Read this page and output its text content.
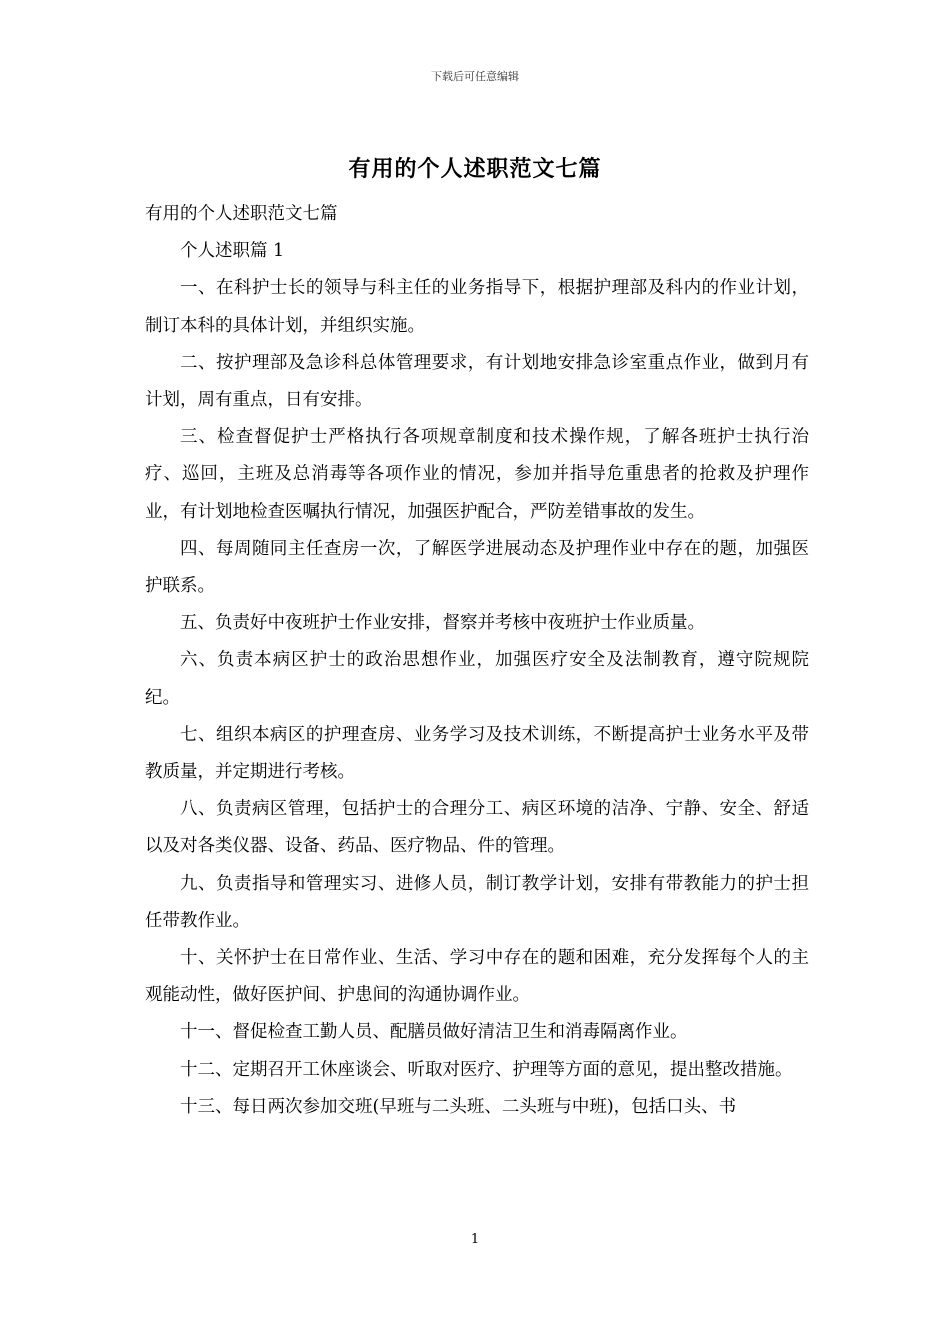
下载后可任意编辑
有用的个人述职范文七篇

有用的个人述职范文七篇

个人述职篇 1

一、在科护士长的领导与科主任的业务指导下，根据护理部及科内的作业计划，制订本科的具体计划，并组织实施。

二、按护理部及急诊科总体管理要求，有计划地安排急诊室重点作业，做到月有计划，周有重点，日有安排。

三、检查督促护士严格执行各项规章制度和技术操作规，了解各班护士执行治疗、巡回，主班及总消毒等各项作业的情况，参加并指导危重患者的抢救及护理作业，有计划地检查医嘱执行情况，加强医护配合，严防差错事故的发生。

四、每周随同主任查房一次，了解医学进展动态及护理作业中存在的题，加强医护联系。

五、负责好中夜班护士作业安排，督察并考核中夜班护士作业质量。

六、负责本病区护士的政治思想作业，加强医疗安全及法制教育，遵守院规院纪。

七、组织本病区的护理查房、业务学习及技术训练，不断提高护士业务水平及带教质量，并定期进行考核。

八、负责病区管理，包括护士的合理分工、病区环境的洁净、宁静、安全、舒适以及对各类仪器、设备、药品、医疗物品、件的管理。

九、负责指导和管理实习、进修人员，制订教学计划，安排有带教能力的护士担任带教作业。

十、关怀护士在日常作业、生活、学习中存在的题和困难，充分发挥每个人的主观能动性，做好医护间、护患间的沟通协调作业。

十一、督促检查工勤人员、配膳员做好清洁卫生和消毒隔离作业。

十二、定期召开工休座谈会、听取对医疗、护理等方面的意见，提出整改措施。

十三、每日两次参加交班(早班与二头班、二头班与中班)，包括口头、书

1
